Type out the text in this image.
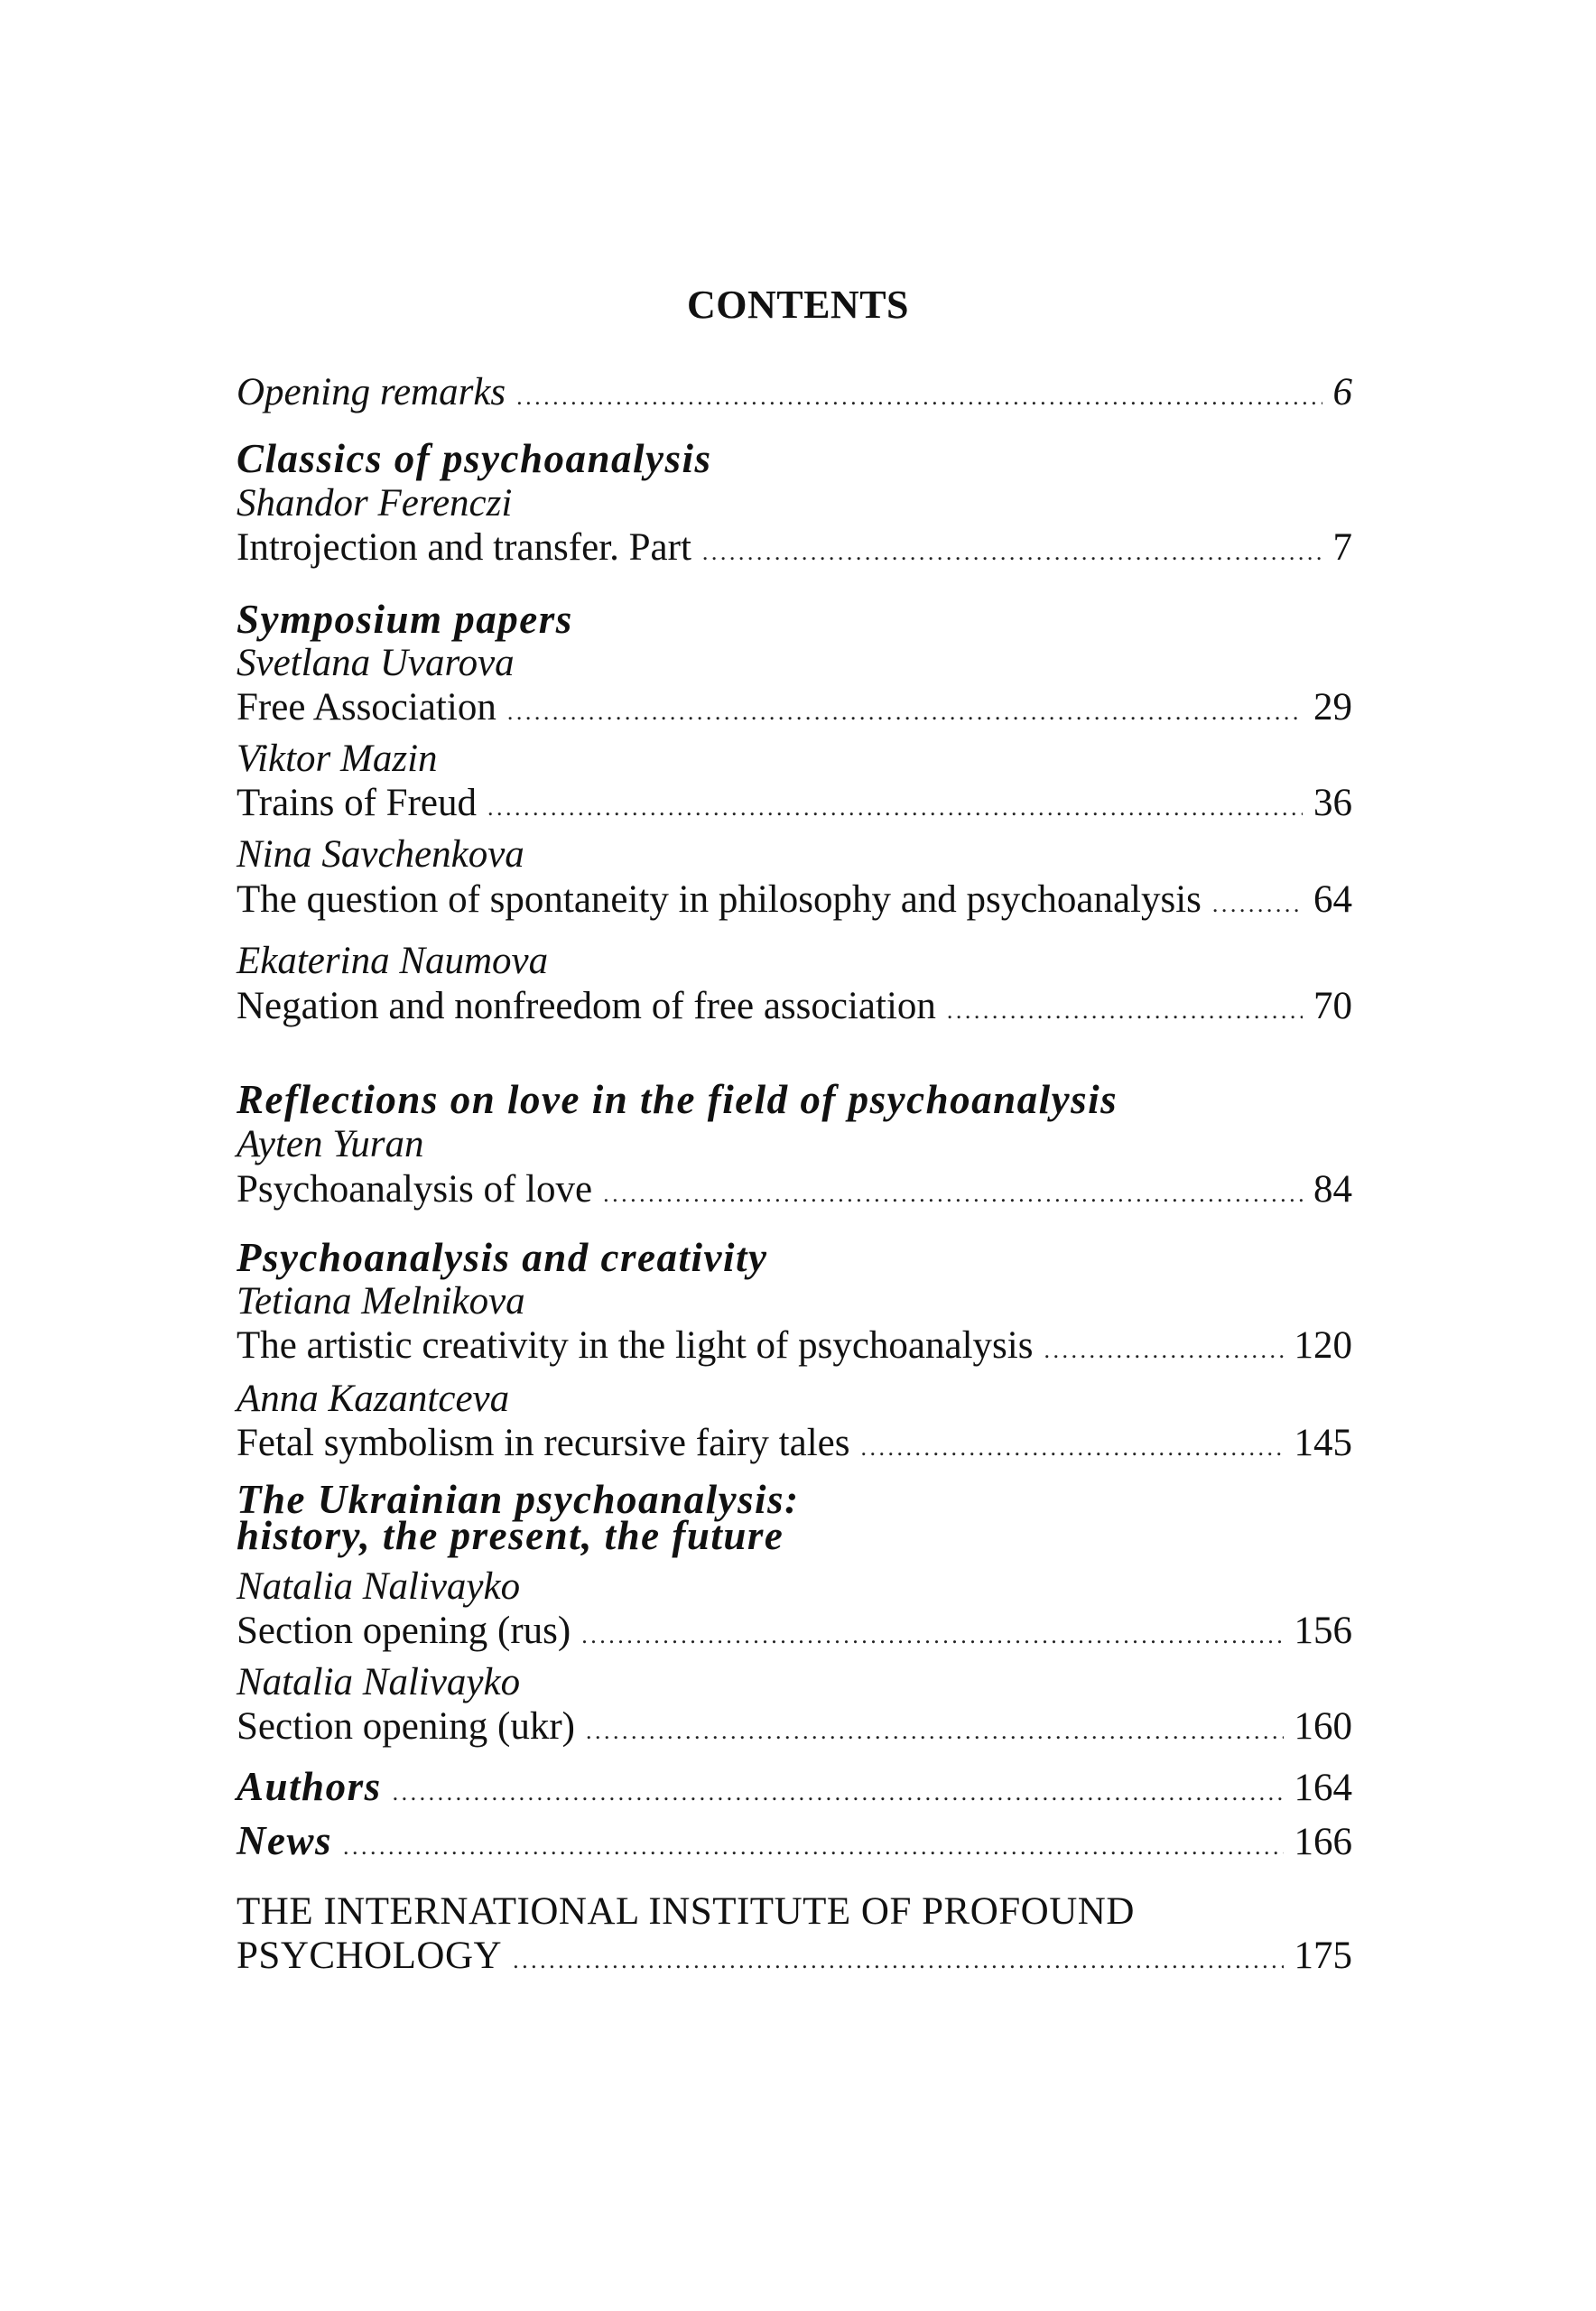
CONTENTS
Opening remarks .....	6
Classics of psychoanalysis
Shandor Ferenczi
Introjection and transfer. Part .....	7
Symposium papers
Svetlana Uvarova
Free Association .....	29
Viktor Mazin
Trains of Freud .....	36
Nina Savchenkova
The question of spontaneity in philosophy and psychoanalysis .....	64
Ekaterina Naumova
Negation and nonfreedom of free association .....	70
Reflections on love in the field of psychoanalysis
Ayten Yuran
Psychoanalysis of love .....	84
Psychoanalysis and creativity
Tetiana Melnikova
The artistic creativity in the light of psychoanalysis .....	120
Anna Kazantceva
Fetal symbolism in recursive fairy tales .....	145
The Ukrainian psychoanalysis:
history, the present, the future
Natalia Nalivayko
Section opening (rus) .....	156
Natalia Nalivayko
Section opening (ukr) .....	160
Authors .....	164
News .....	166
THE INTERNATIONAL INSTITUTE OF PROFOUND
PSYCHOLOGY .....	175
